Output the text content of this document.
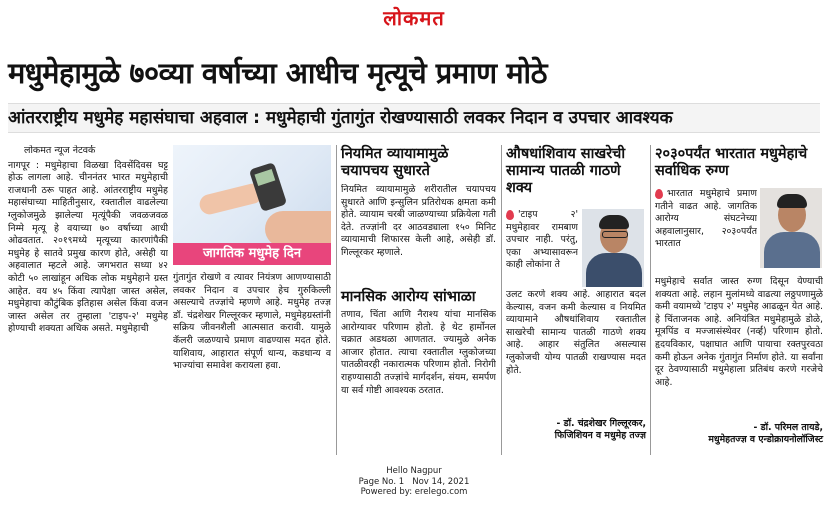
लोकमत
मधुमेहामुळे ७०व्या वर्षाच्या आधीच मृत्यूचे प्रमाण मोठे
आंतरराष्ट्रीय मधुमेह महासंघाचा अहवाल : मधुमेहाची गुंतागुंत रोखण्यासाठी लवकर निदान व उपचार आवश्यक
लोकमत न्यूज नेटवर्क

नागपूर : मधुमेहाचा विळखा दिवसेंदिवस घट्ट होऊ लागला आहे. चीननंतर भारत मधुमेहाची राजधानी ठरू पाहत आहे. आंतरराष्ट्रीय मधुमेह महासंघाच्या माहितीनुसार, रक्तातील वाढलेल्या ग्लुकोजमुळे झालेल्या मृत्यूंपैकी जवळजवळ निम्मे मृत्यू हे वयाच्या ७० वर्षाच्या आधी ओढवतात. २०१९मध्ये मृत्यूच्या कारणांपैकी मधुमेह हे सातवे प्रमुख कारण होते, असेही या अहवालात म्हटले आहे. जगभरात सध्या ४२ कोटी ५० लाखांहून अधिक लोक मधुमेहाने ग्रस्त आहेत. वय ४५ किंवा त्यापेक्षा जास्त असेल, मधुमेहाचा कौटुंबिक इतिहास असेल किंवा वजन जास्त असेल तर तुम्हाला 'टाइप-२' मधुमेह होण्याची शक्यता अधिक असते. मधुमेहाची

जागतिक मधुमेह दिन

गुंतागुंत रोखणे व त्यावर नियंत्रण आणण्यासाठी लवकर निदान व उपचार हेच गुरुकिल्ली असल्याचे तज्ज्ञांचे म्हणणे आहे. मधुमेह तज्ज्ञ डॉ. चंद्रशेखर गिल्लूरकर म्हणाले, मधुमेहग्रस्तांनी सक्रिय जीवनशैली आत्मसात करावी. यामुळे कॅलरी जळण्याचे प्रमाण वाढण्यास मदत होते. याशिवाय, आहारात संपूर्ण धान्य, कडधान्य व भाज्यांचा समावेश करायला हवा.

नियमित व्यायामामुळे चयापचय सुधारते

नियमित व्यायामामुळे शरीरातील चयापचय सुधारते आणि इन्सुलिन प्रतिरोधक क्षमता कमी होते. व्यायाम चरबी जाळण्याच्या प्रक्रियेला गती देते. तज्ज्ञांनी दर आठवड्याला १५० मिनिट व्यायामाची शिफारस केली आहे, असेही डॉ. गिल्लूरकर म्हणाले.

मानसिक आरोग्य सांभाळा

तणाव, चिंता आणि नैराश्य यांचा मानसिक आरोग्यावर परिणाम होतो. हे थेट हार्मोनल चक्रात अडथळा आणतात. ज्यामुळे अनेक आजार होतात. त्याचा रक्तातील ग्लुकोजच्या पातळीवरही नकारात्मक परिणाम होतो. निरोगी राहण्यासाठी तज्ज्ञांचे मार्गदर्शन, संयम, समर्पण या सर्व गोष्टी आवश्यक ठरतात.

औषधांशिवाय साखरेची सामान्य पातळी गाठणे शक्य

'टाइप २' मधुमेहावर रामबाण उपचार नाही. परंतु, एका अभ्यासावरून काही लोकांना ते

उलट करणे शक्य आहे. आहारात बदल केल्यास, वजन कमी केल्यास व नियमित व्यायामाने औषधांशिवाय रक्तातील साखरेची सामान्य पातळी गाठणे शक्य आहे. आहार संतुलित असल्यास ग्लुकोजची योग्य पातळी राखण्यास मदत होते.

- डॉ. चंद्रशेखर गिल्लूरकर,
फिजिशियन व मधुमेह तज्ज्ञ
२०३०पर्यंत भारतात मधुमेहाचे सर्वाधिक रुग्ण

भारतात मधुमेहाचे प्रमाण गतीने वाढत आहे. जागतिक आरोग्य संघटनेच्या अहवालानुसार, २०३०पर्यंत भारतात

मधुमेहाचे सर्वात जास्त रुग्ण दिसून येण्याची शक्यता आहे. लहान मुलांमध्ये वाढत्या लठ्ठपणामुळे कमी वयामध्ये 'टाइप २' मधुमेह आढळून येत आहे. हे चिंताजनक आहे. अनियंत्रित मधुमेहामुळे डोळे, मूत्रपिंड व मज्जासंस्थेवर (नर्व्ह) परिणाम होतो. हृदयविकार, पक्षाघात आणि पायाचा रक्तपुरवठा कमी होऊन अनेक गुंतागुंत निर्माण होते. या सर्वांना दूर ठेवण्यासाठी मधुमेहाला प्रतिबंध करणे गरजेचे आहे.

- डॉ. परिमल तायडे,
मधुमेहतज्ज्ञ व एन्डोक्रायनोलॉजिस्ट
Hello Nagpur
Page No. 1   Nov 14, 2021
Powered by: erelego.com
